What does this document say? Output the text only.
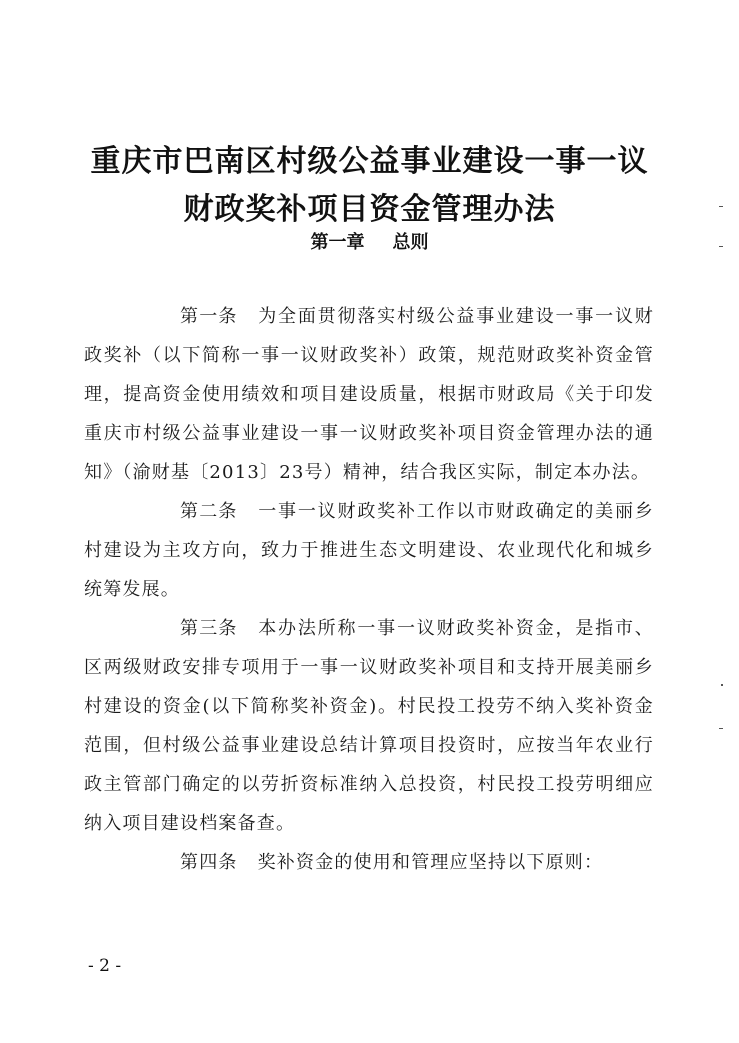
重庆市巴南区村级公益事业建设一事一议
财政奖补项目资金管理办法
第一章 总则

第一条 为全面贯彻落实村级公益事业建设一事一议财政奖补（以下简称一事一议财政奖补）政策，规范财政奖补资金管理，提高资金使用绩效和项目建设质量，根据市财政局《关于印发重庆市村级公益事业建设一事一议财政奖补项目资金管理办法的通知》（渝财基〔2013〕23号）精神，结合我区实际，制定本办法。

第二条 一事一议财政奖补工作以市财政确定的美丽乡村建设为主攻方向，致力于推进生态文明建设、农业现代化和城乡统筹发展。

第三条 本办法所称一事一议财政奖补资金，是指市、区两级财政安排专项用于一事一议财政奖补项目和支持开展美丽乡村建设的资金(以下简称奖补资金)。村民投工投劳不纳入奖补资金范围，但村级公益事业建设总结计算项目投资时，应按当年农业行政主管部门确定的以劳折资标准纳入总投资，村民投工投劳明细应纳入项目建设档案备查。

第四条 奖补资金的使用和管理应坚持以下原则：

- 2 -
